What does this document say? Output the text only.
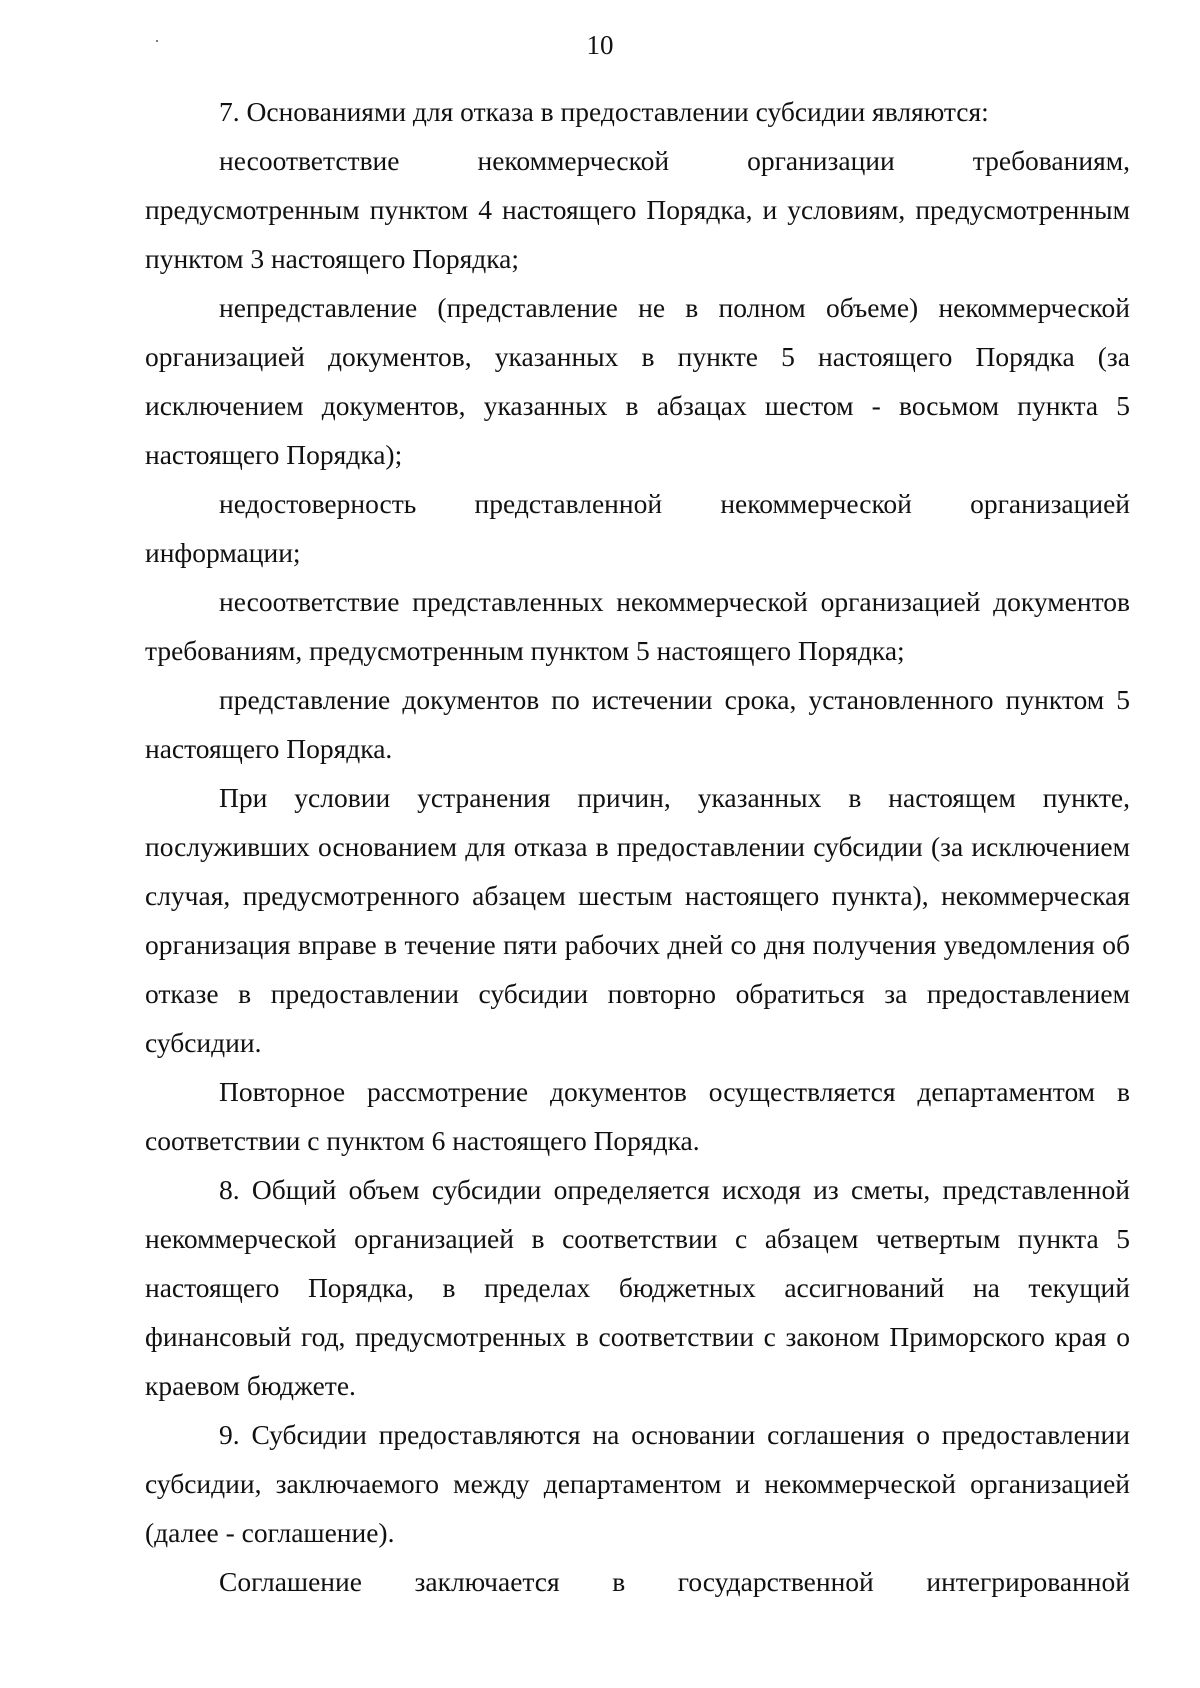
10

7. Основаниями для отказа в предоставлении субсидии являются:

несоответствие некоммерческой организации требованиям, предусмотренным пунктом 4 настоящего Порядка, и условиям, предусмотренным пунктом 3 настоящего Порядка;

непредставление (представление не в полном объеме) некоммерческой организацией документов, указанных в пункте 5 настоящего Порядка (за исключением документов, указанных в абзацах шестом - восьмом пункта 5 настоящего Порядка);

недостоверность представленной некоммерческой организацией информации;

несоответствие представленных некоммерческой организацией документов требованиям, предусмотренным пунктом 5 настоящего Порядка;

представление документов по истечении срока, установленного пунктом 5 настоящего Порядка.

При условии устранения причин, указанных в настоящем пункте, послуживших основанием для отказа в предоставлении субсидии (за исключением случая, предусмотренного абзацем шестым настоящего пункта), некоммерческая организация вправе в течение пяти рабочих дней со дня получения уведомления об отказе в предоставлении субсидии повторно обратиться за предоставлением субсидии.

Повторное рассмотрение документов осуществляется департаментом в соответствии с пунктом 6 настоящего Порядка.

8. Общий объем субсидии определяется исходя из сметы, представленной некоммерческой организацией в соответствии с абзацем четвертым пункта 5 настоящего Порядка, в пределах бюджетных ассигнований на текущий финансовый год, предусмотренных в соответствии с законом Приморского края о краевом бюджете.

9. Субсидии предоставляются на основании соглашения о предоставлении субсидии, заключаемого между департаментом и некоммерческой организацией (далее - соглашение).

Соглашение заключается в государственной интегрированной
